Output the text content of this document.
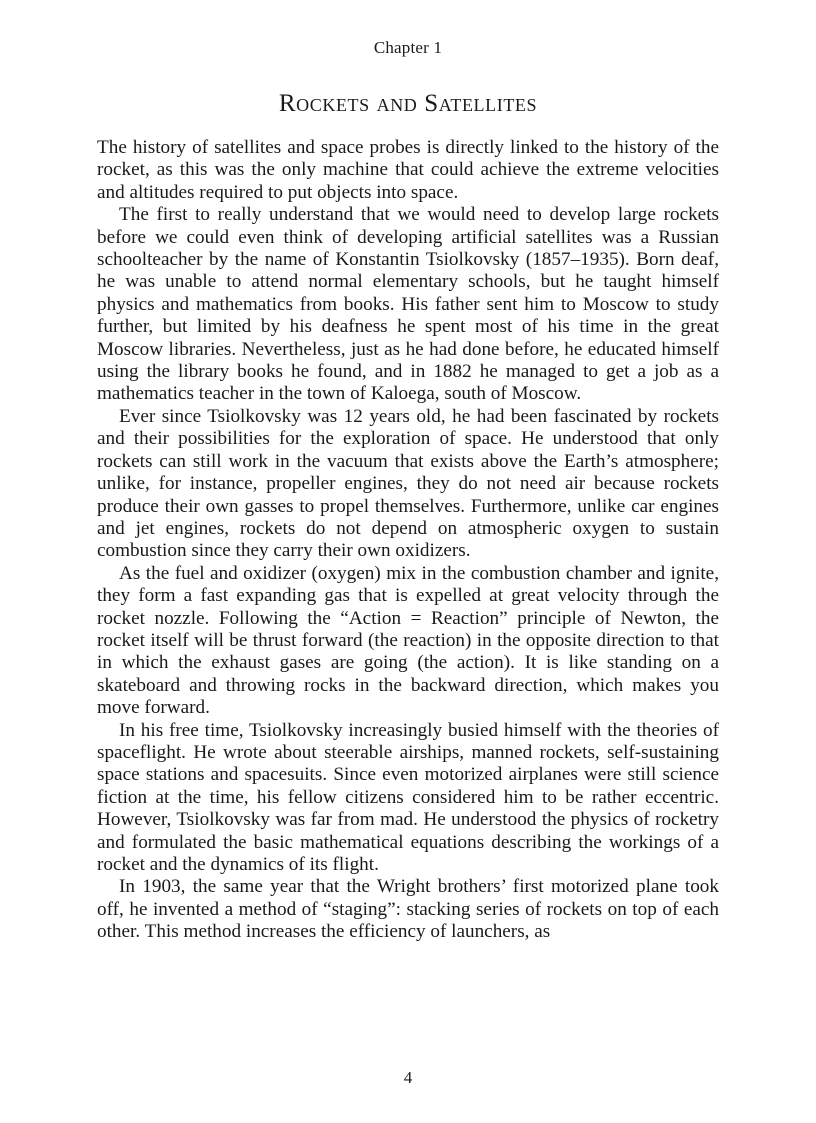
Chapter 1
Rockets and Satellites

The history of satellites and space probes is directly linked to the history of the rocket, as this was the only machine that could achieve the extreme velocities and altitudes required to put objects into space.

The first to really understand that we would need to develop large rockets before we could even think of developing artificial satellites was a Russian schoolteacher by the name of Konstantin Tsiolkovsky (1857–1935). Born deaf, he was unable to attend normal elementary schools, but he taught himself physics and mathematics from books. His father sent him to Moscow to study further, but limited by his deafness he spent most of his time in the great Moscow libraries. Nevertheless, just as he had done before, he educated himself using the library books he found, and in 1882 he managed to get a job as a mathematics teacher in the town of Kaloega, south of Moscow.

Ever since Tsiolkovsky was 12 years old, he had been fascinated by rockets and their possibilities for the exploration of space. He understood that only rockets can still work in the vacuum that exists above the Earth’s atmosphere; unlike, for instance, propeller engines, they do not need air because rockets produce their own gasses to propel themselves. Furthermore, unlike car engines and jet engines, rockets do not depend on atmospheric oxygen to sustain combustion since they carry their own oxidizers.

As the fuel and oxidizer (oxygen) mix in the combustion chamber and ignite, they form a fast expanding gas that is expelled at great velocity through the rocket nozzle. Following the “Action = Reaction” principle of Newton, the rocket itself will be thrust forward (the reaction) in the opposite direction to that in which the exhaust gases are going (the action). It is like standing on a skateboard and throwing rocks in the backward direction, which makes you move forward.

In his free time, Tsiolkovsky increasingly busied himself with the theories of spaceflight. He wrote about steerable airships, manned rockets, self-sustaining space stations and spacesuits. Since even motorized airplanes were still science fiction at the time, his fellow citizens considered him to be rather eccentric. However, Tsiolkovsky was far from mad. He understood the physics of rocketry and formulated the basic mathematical equations describing the workings of a rocket and the dynamics of its flight.

In 1903, the same year that the Wright brothers’ first motorized plane took off, he invented a method of “staging”: stacking series of rockets on top of each other. This method increases the efficiency of launchers, as

4
